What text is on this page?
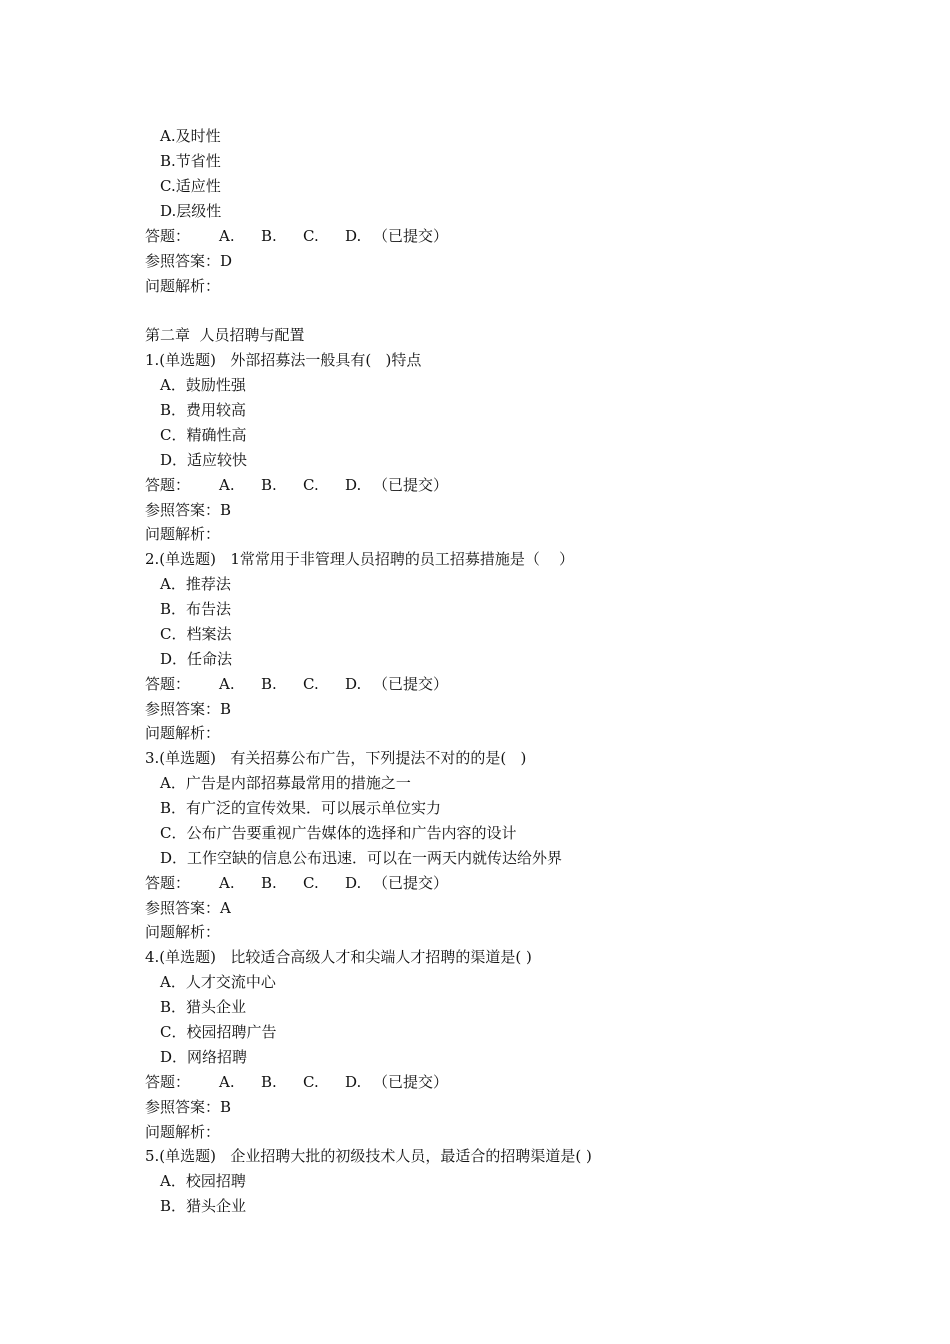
A.及时性
B.节省性
C.适应性
D.层级性

答题：

A.

B.

C.

D.

（已提交）

参照答案：D
问题解析：
第二章  人员招聘与配置
1.(单选题)   外部招募法一般具有(   )特点
A．鼓励性强
B．费用较高
C．精确性高
D．适应较快

答题：

A.

B.

C.

D.

（已提交）

参照答案：B
问题解析：
2.(单选题)   1常常用于非管理人员招聘的员工招募措施是（    ）
A．推荐法
B．布告法
C．档案法
D．任命法

答题：

A.

B.

C.

D.

（已提交）

参照答案：B
问题解析：
3.(单选题)   有关招募公布广告，下列提法不对的的是(   )
A．广告是内部招募最常用的措施之一
B．有广泛的宣传效果．可以展示单位实力
C．公布广告要重视广告媒体的选择和广告内容的设计
D．工作空缺的信息公布迅速．可以在一两天内就传达给外界

答题：

A.

B.

C.

D.

（已提交）

参照答案：A
问题解析：
4.(单选题)   比较适合高级人才和尖端人才招聘的渠道是( )
A．人才交流中心
B．猎头企业
C．校园招聘广告
D．网络招聘

答题：

A.

B.

C.

D.

（已提交）

参照答案：B
问题解析：
5.(单选题)   企业招聘大批的初级技术人员，最适合的招聘渠道是( )
A．校园招聘
B．猎头企业
